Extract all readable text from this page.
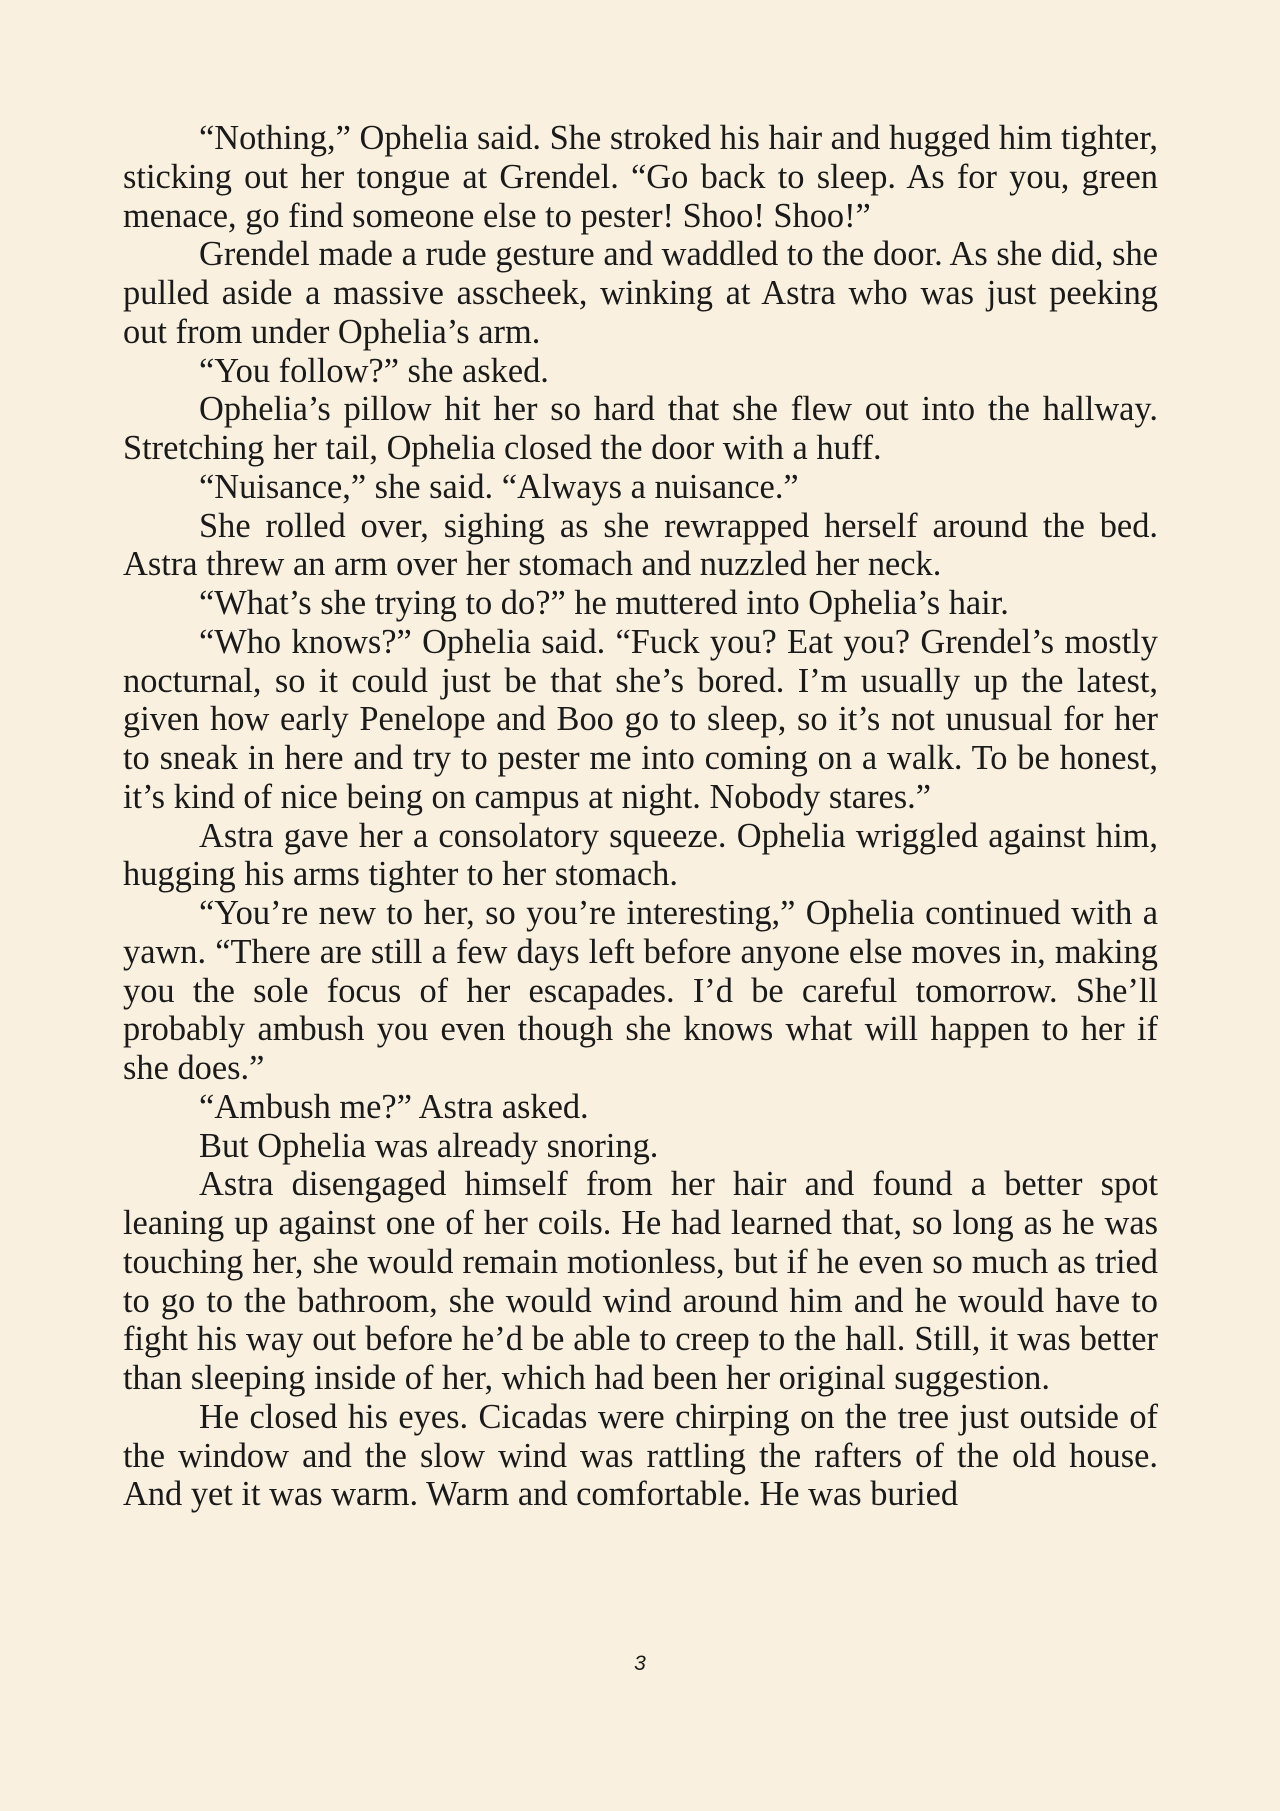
“Nothing,” Ophelia said. She stroked his hair and hugged him tighter, sticking out her tongue at Grendel. “Go back to sleep. As for you, green menace, go find someone else to pester! Shoo! Shoo!”

Grendel made a rude gesture and waddled to the door. As she did, she pulled aside a massive asscheek, winking at Astra who was just peeking out from under Ophelia’s arm.

“You follow?” she asked.

Ophelia’s pillow hit her so hard that she flew out into the hallway. Stretching her tail, Ophelia closed the door with a huff.

“Nuisance,” she said. “Always a nuisance.”

She rolled over, sighing as she rewrapped herself around the bed. Astra threw an arm over her stomach and nuzzled her neck.

“What’s she trying to do?” he muttered into Ophelia’s hair.

“Who knows?” Ophelia said. “Fuck you? Eat you? Grendel’s mostly nocturnal, so it could just be that she’s bored. I’m usually up the latest, given how early Penelope and Boo go to sleep, so it’s not unusual for her to sneak in here and try to pester me into coming on a walk. To be honest, it’s kind of nice being on campus at night. Nobody stares.”

Astra gave her a consolatory squeeze. Ophelia wriggled against him, hugging his arms tighter to her stomach.

“You’re new to her, so you’re interesting,” Ophelia continued with a yawn. “There are still a few days left before anyone else moves in, making you the sole focus of her escapades. I’d be careful tomorrow. She’ll probably ambush you even though she knows what will happen to her if she does.”

“Ambush me?” Astra asked.

But Ophelia was already snoring.

Astra disengaged himself from her hair and found a better spot leaning up against one of her coils. He had learned that, so long as he was touching her, she would remain motionless, but if he even so much as tried to go to the bathroom, she would wind around him and he would have to fight his way out before he’d be able to creep to the hall. Still, it was better than sleeping inside of her, which had been her original suggestion.

He closed his eyes. Cicadas were chirping on the tree just outside of the window and the slow wind was rattling the rafters of the old house. And yet it was warm. Warm and comfortable. He was buried

3
